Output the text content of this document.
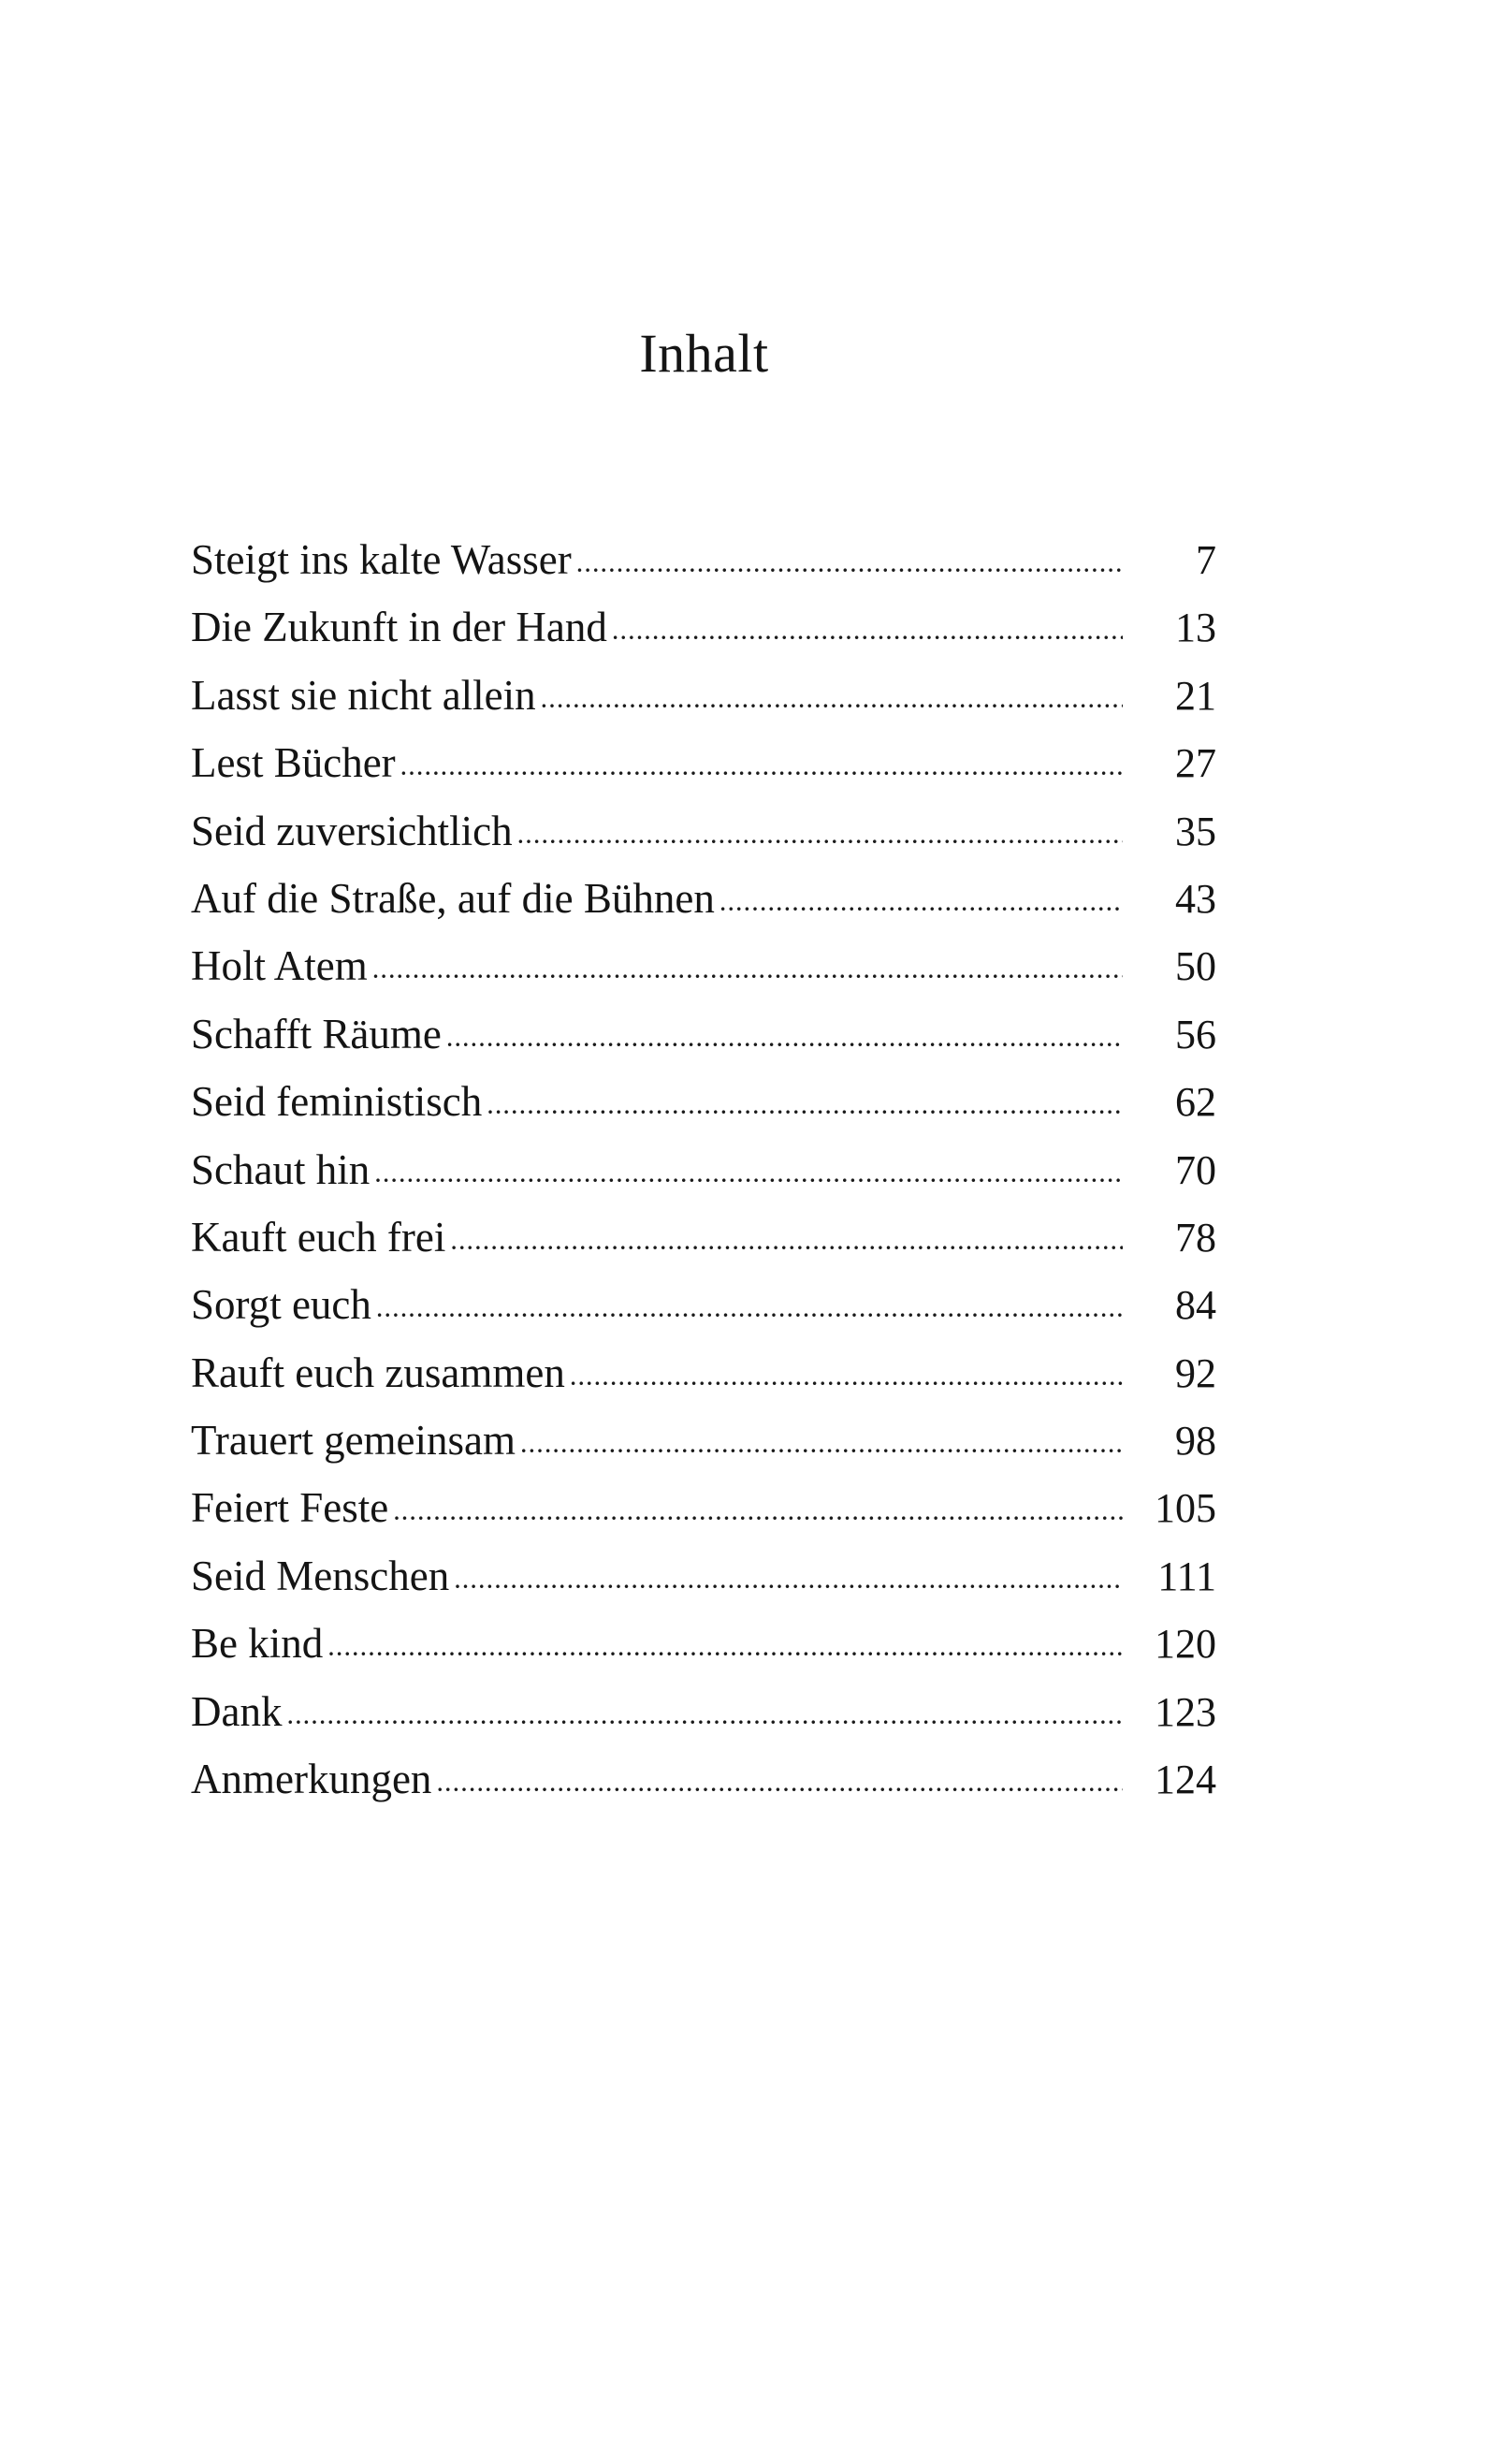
Inhalt
Steigt ins kalte Wasser . . .	7
Die Zukunft in der Hand . . .	13
Lasst sie nicht allein . . .	21
Lest Bücher . . .	27
Seid zuversichtlich . . .	35
Auf die Straße, auf die Bühnen . . .	43
Holt Atem . . .	50
Schafft Räume . . .	56
Seid feministisch . . .	62
Schaut hin . . .	70
Kauft euch frei . . .	78
Sorgt euch . . .	84
Rauft euch zusammen . . .	92
Trauert gemeinsam . . .	98
Feiert Feste . . .	105
Seid Menschen . . .	111
Be kind . . .	120
Dank . . .	123
Anmerkungen . . .	124
